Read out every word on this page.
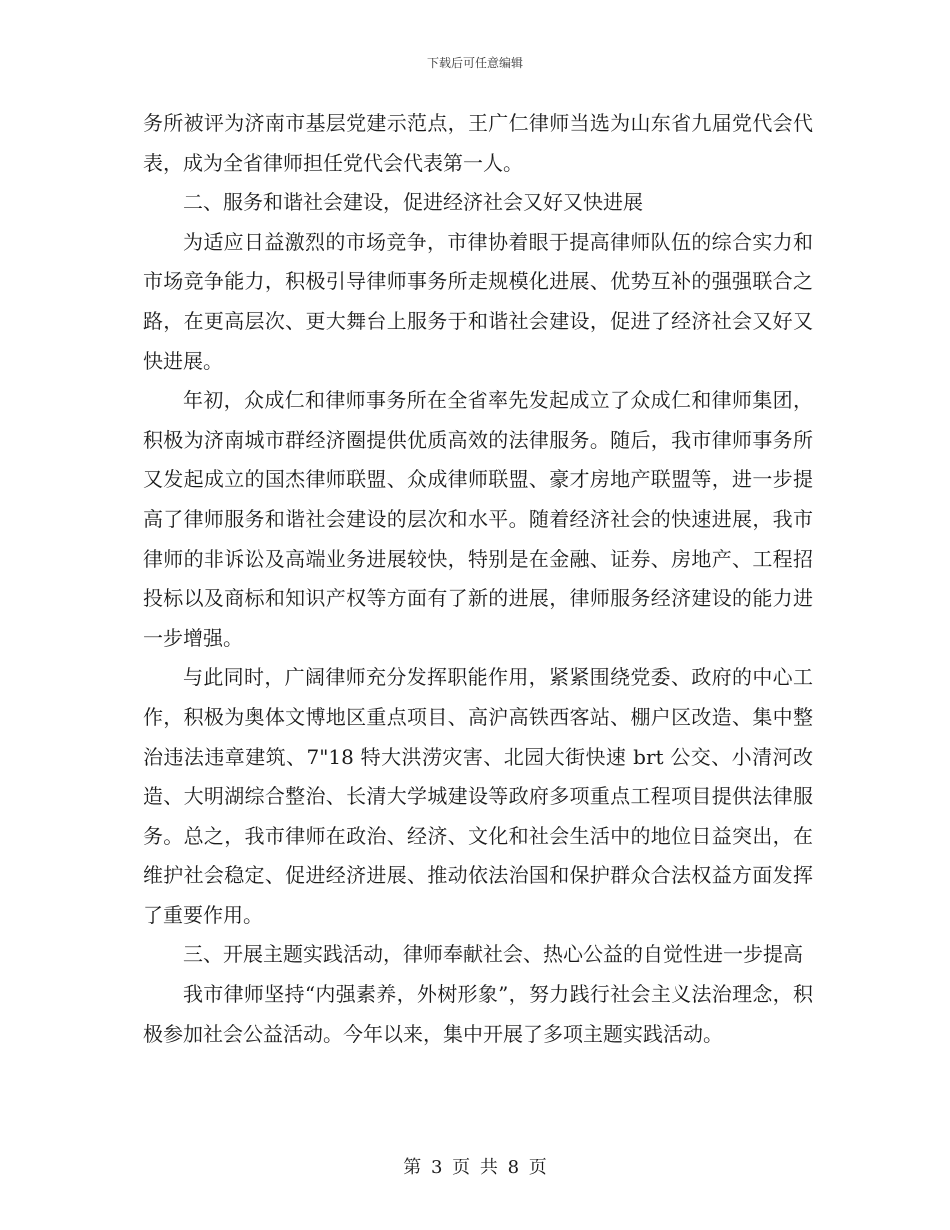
下载后可任意编辑

务所被评为济南市基层党建示范点，王广仁律师当选为山东省九届党代会代表，成为全省律师担任党代会代表第一人。

二、服务和谐社会建设，促进经济社会又好又快进展

为适应日益激烈的市场竞争，市律协着眼于提高律师队伍的综合实力和市场竞争能力，积极引导律师事务所走规模化进展、优势互补的强强联合之路，在更高层次、更大舞台上服务于和谐社会建设，促进了经济社会又好又快进展。

年初，众成仁和律师事务所在全省率先发起成立了众成仁和律师集团，积极为济南城市群经济圈提供优质高效的法律服务。随后，我市律师事务所又发起成立的国杰律师联盟、众成律师联盟、豪才房地产联盟等，进一步提高了律师服务和谐社会建设的层次和水平。随着经济社会的快速进展，我市律师的非诉讼及高端业务进展较快，特别是在金融、证券、房地产、工程招投标以及商标和知识产权等方面有了新的进展，律师服务经济建设的能力进一步增强。

与此同时，广阔律师充分发挥职能作用，紧紧围绕党委、政府的中心工作，积极为奥体文博地区重点项目、高沪高铁西客站、棚户区改造、集中整治违法违章建筑、7"18 特大洪涝灾害、北园大街快速 brt 公交、小清河改造、大明湖综合整治、长清大学城建设等政府多项重点工程项目提供法律服务。总之，我市律师在政治、经济、文化和社会生活中的地位日益突出，在维护社会稳定、促进经济进展、推动依法治国和保护群众合法权益方面发挥了重要作用。

三、开展主题实践活动，律师奉献社会、热心公益的自觉性进一步提高

我市律师坚持“内强素养，外树形象”，努力践行社会主义法治理念，积极参加社会公益活动。今年以来，集中开展了多项主题实践活动。

第 3 页 共 8 页
